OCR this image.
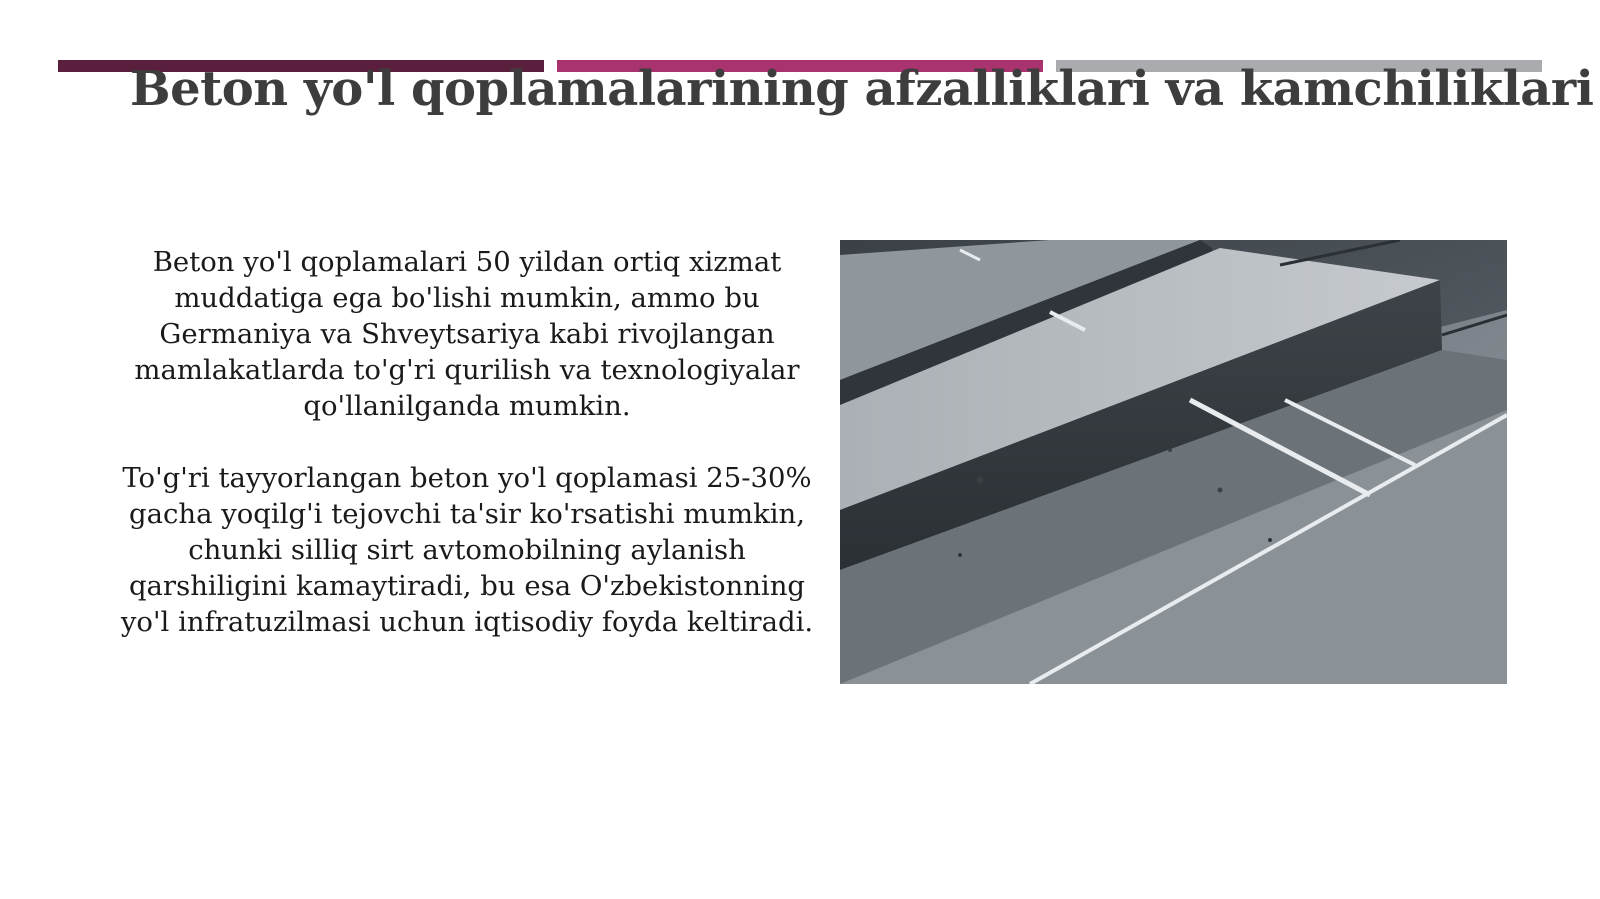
Beton yo'l qoplamalarining afzalliklari va kamchiliklari

Beton yo'l qoplamalari 50 yildan ortiq xizmat muddatiga ega bo'lishi mumkin, ammo bu Germaniya va Shveytsariya kabi rivojlangan mamlakatlarda to'g'ri qurilish va texnologiyalar qo'llanilganda mumkin.

To'g'ri tayyorlangan beton yo'l qoplamasi 25-30% gacha yoqilg'i tejovchi ta'sir ko'rsatishi mumkin, chunki silliq sirt avtomobilning aylanish qarshiligini kamaytiradi, bu esa O'zbekistonning yo'l infratuzilmasi uchun iqtisodiy foyda keltiradi.
